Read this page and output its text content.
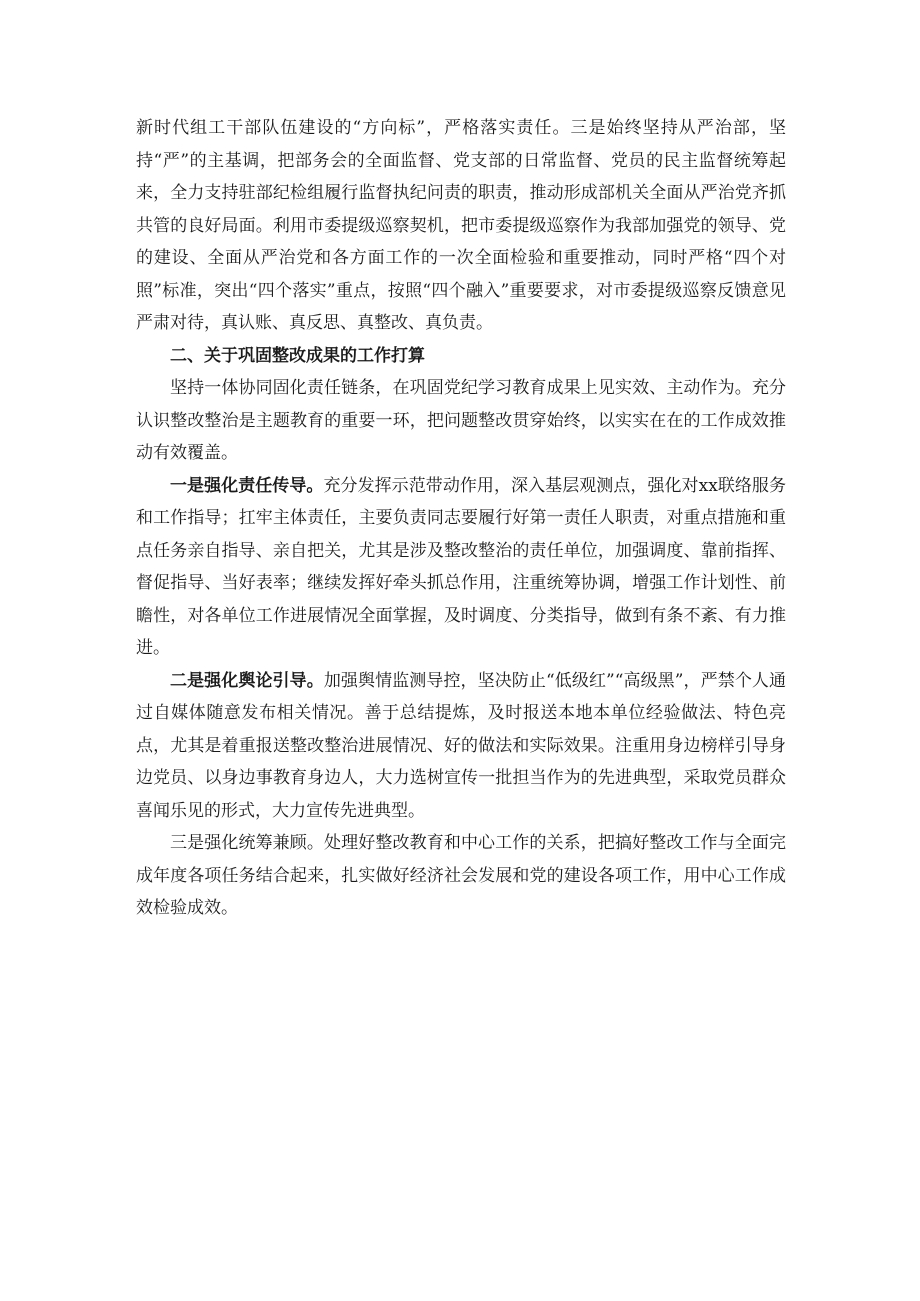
新时代组工干部队伍建设的“方向标”，严格落实责任。三是始终坚持从严治部，坚持“严”的主基调，把部务会的全面监督、党支部的日常监督、党员的民主监督统筹起来，全力支持驻部纪检组履行监督执纪问责的职责，推动形成部机关全面从严治党齐抓共管的良好局面。利用市委提级巡察契机，把市委提级巡察作为我部加强党的领导、党的建设、全面从严治党和各方面工作的一次全面检验和重要推动，同时严格“四个对照”标准，突出“四个落实”重点，按照“四个融入”重要要求，对市委提级巡察反馈意见严肃对待，真认账、真反思、真整改、真负责。

二、关于巩固整改成果的工作打算

坚持一体协同固化责任链条，在巩固党纪学习教育成果上见实效、主动作为。充分认识整改整治是主题教育的重要一环，把问题整改贯穿始终，以实实在在的工作成效推动有效覆盖。

一是强化责任传导。充分发挥示范带动作用，深入基层观测点，强化对xx联络服务和工作指导；扛牢主体责任，主要负责同志要履行好第一责任人职责，对重点措施和重点任务亲自指导、亲自把关，尤其是涉及整改整治的责任单位，加强调度、靠前指挥、督促指导、当好表率；继续发挥好牵头抓总作用，注重统筹协调，增强工作计划性、前瞻性，对各单位工作进展情况全面掌握，及时调度、分类指导，做到有条不紊、有力推进。

二是强化舆论引导。加强舆情监测导控，坚决防止“低级红”“高级黑”，严禁个人通过自媒体随意发布相关情况。善于总结提炼，及时报送本地本单位经验做法、特色亮点，尤其是着重报送整改整治进展情况、好的做法和实际效果。注重用身边榜样引导身边党员、以身边事教育身边人，大力选树宣传一批担当作为的先进典型，采取党员群众喜闻乐见的形式，大力宣传先进典型。

三是强化统筹兼顾。处理好整改教育和中心工作的关系，把搞好整改工作与全面完成年度各项任务结合起来，扎实做好经济社会发展和党的建设各项工作，用中心工作成效检验成效。
